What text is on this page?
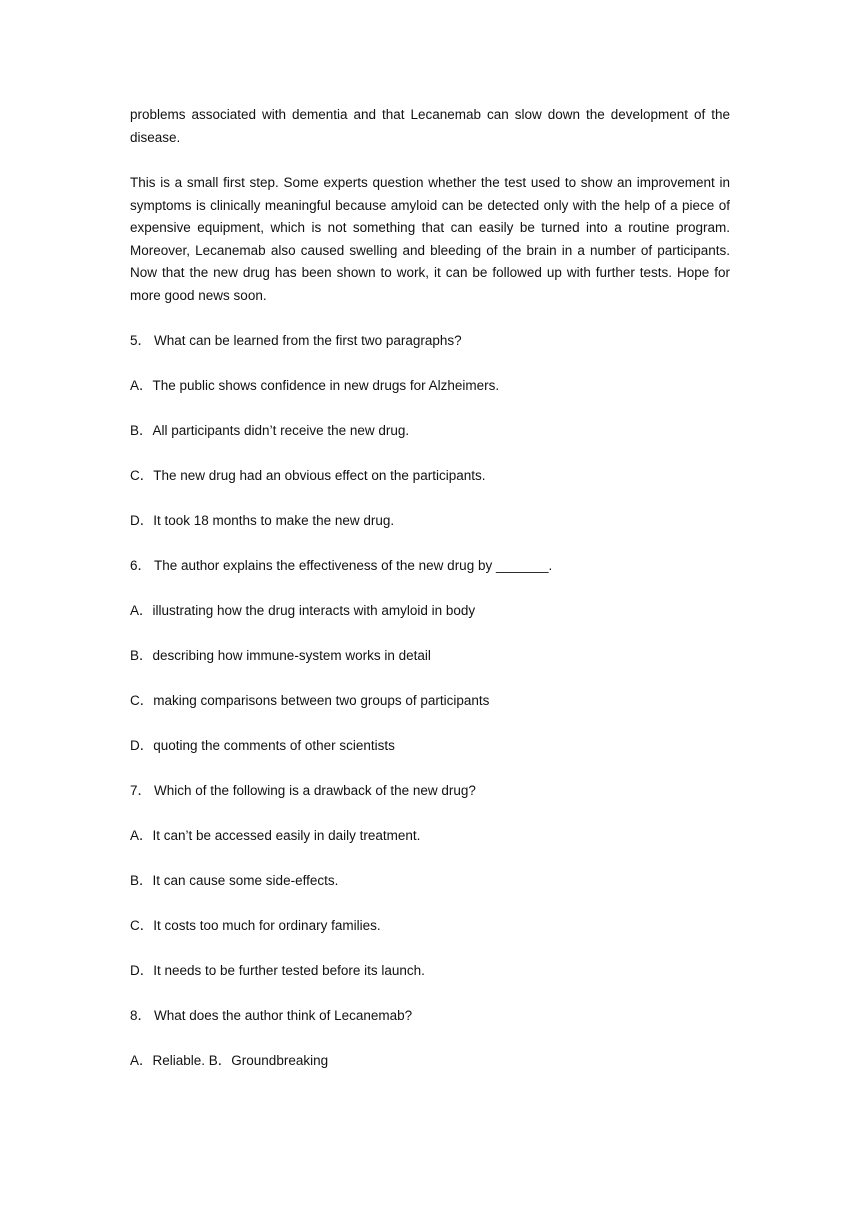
problems associated with dementia and that Lecanemab can slow down the development of the disease.

This is a small first step. Some experts question whether the test used to show an improvement in symptoms is clinically meaningful because amyloid can be detected only with the help of a piece of expensive equipment, which is not something that can easily be turned into a routine program. Moreover, Lecanemab also caused swelling and bleeding of the brain in a number of participants. Now that the new drug has been shown to work, it can be followed up with further tests. Hope for more good news soon.

5． What can be learned from the first two paragraphs?

A．The public shows confidence in new drugs for Alzheimers.

B．All participants didn’t receive the new drug.

C．The new drug had an obvious effect on the participants.

D．It took 18 months to make the new drug.

6． The author explains the effectiveness of the new drug by _______.

A．illustrating how the drug interacts with amyloid in body

B．describing how immune-system works in detail

C．making comparisons between two groups of participants

D．quoting the comments of other scientists

7． Which of the following is a drawback of the new drug?

A．It can’t be accessed easily in daily treatment.

B．It can cause some side-effects.

C．It costs too much for ordinary families.

D．It needs to be further tested before its launch.

8． What does the author think of Lecanemab?

A．Reliable. B．Groundbreaking
